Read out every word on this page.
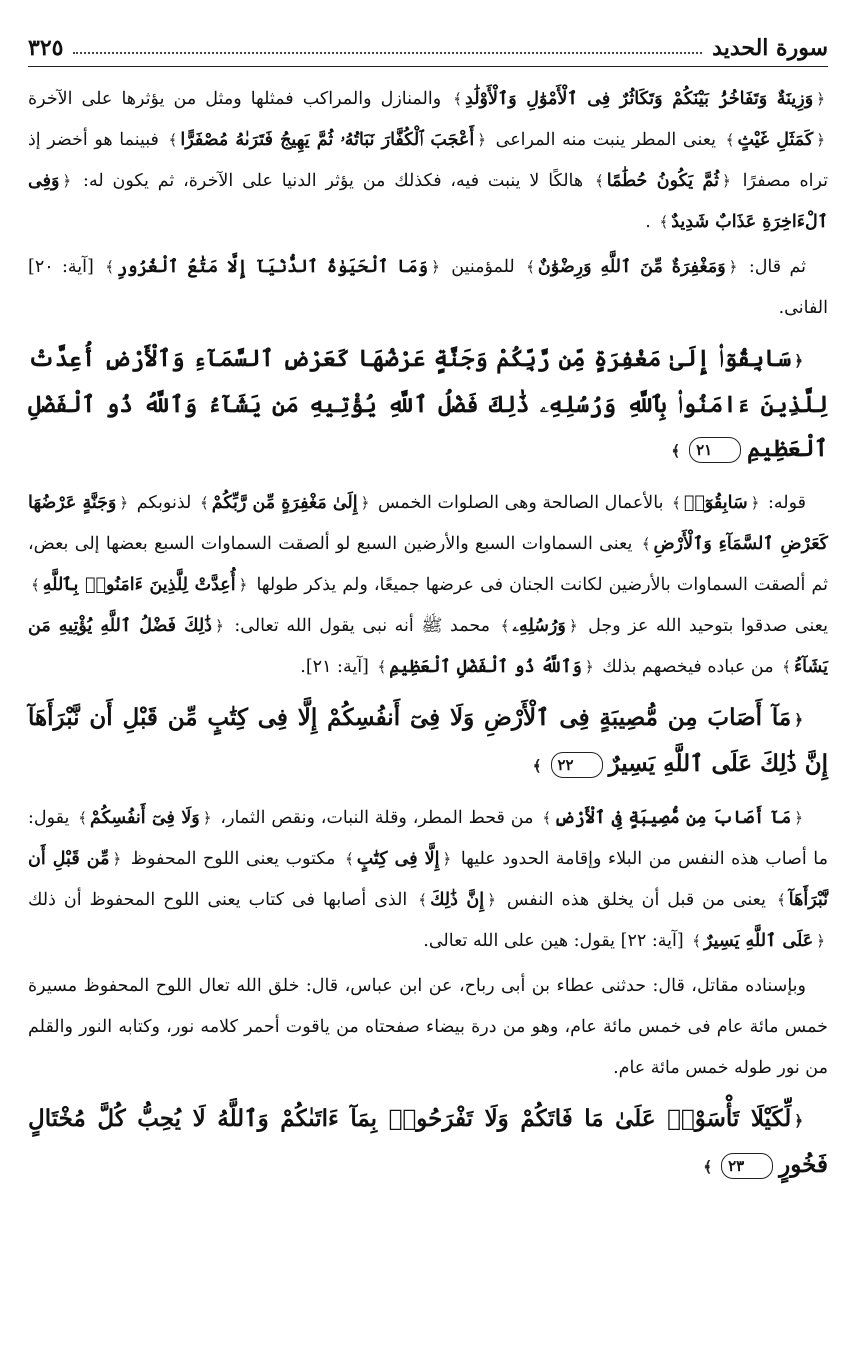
سورة الحديد
٣٢٥

﴿وَزِينَةٌ وَتَفَاخُرُۢ بَيْنَكُمْ وَتَكَاثُرٌ فِى ٱلْأَمْوَٰلِ وَٱلْأَوْلَٰدِ﴾ والمنازل والمراكب فمثلها ومثل من يؤثرها على الآخرة ﴿كَمَثَلِ غَيْثٍ﴾ يعنى المطر ينبت منه المراعى ﴿أَعْجَبَ ٱلْكُفَّارَ نَبَاتُهُۥ ثُمَّ يَهِيجُ فَتَرَىٰهُ مُصْفَرًّا﴾ فبينما هو أخضر إذ تراه مصفرًا ﴿ثُمَّ يَكُونُ حُطَٰمًا﴾ هالكًا لا ينبت فيه، فكذلك من يؤثر الدنيا على الآخرة، ثم يكون له: ﴿وَفِى ٱلْءَاخِرَةِ عَذَابٌ شَدِيدٌ﴾ .

ثم قال: ﴿وَمَغْفِرَةٌ مِّنَ ٱللَّهِ وَرِضْوَٰنٌ﴾ للمؤمنين ﴿وَمَا ٱلْحَيَوٰةُ ٱلدُّنْيَآ إِلَّا مَتَٰعُ ٱلْغُرُورِ﴾ [آية: ٢٠] الفانى.

﴿سَابِقُوٓا۟ إِلَىٰ مَغْفِرَةٍ مِّن رَّبِّكُمْ وَجَنَّةٍ عَرْضُهَا كَعَرْضِ ٱلسَّمَآءِ وَٱلْأَرْضِ أُعِدَّتْ لِلَّذِينَ ءَامَنُوا۟ بِٱللَّهِ وَرُسُلِهِۦ ذَٰلِكَ فَضْلُ ٱللَّهِ يُؤْتِيهِ مَن يَشَآءُ وَٱللَّهُ ذُو ٱلْفَضْلِ ٱلْعَظِيمِ٢١﴾

قوله: ﴿سَابِقُوٓا۟﴾ بالأعمال الصالحة وهى الصلوات الخمس ﴿إِلَىٰ مَغْفِرَةٍ مِّن رَّبِّكُمْ﴾ لذنوبكم ﴿وَجَنَّةٍ عَرْضُهَا كَعَرْضِ ٱلسَّمَآءِ وَٱلْأَرْضِ﴾ يعنى السماوات السبع والأرضين السبع لو ألصقت السماوات السبع بعضها إلى بعض، ثم ألصقت السماوات بالأرضين لكانت الجنان فى عرضها جميعًا، ولم يذكر طولها ﴿أُعِدَّتْ لِلَّذِينَ ءَامَنُوا۟ بِٱللَّهِ﴾ يعنى صدقوا بتوحيد الله عز وجل ﴿وَرُسُلِهِۦ﴾ محمد ﷺ أنه نبى يقول الله تعالى: ﴿ذَٰلِكَ فَضْلُ ٱللَّهِ يُؤْتِيهِ مَن يَشَآءُ﴾ من عباده فيخصهم بذلك ﴿وَٱللَّهُ ذُو ٱلْفَضْلِ ٱلْعَظِيمِ﴾ [آية: ٢١].

﴿مَآ أَصَابَ مِن مُّصِيبَةٍ فِى ٱلْأَرْضِ وَلَا فِىٓ أَنفُسِكُمْ إِلَّا فِى كِتَٰبٍ مِّن قَبْلِ أَن نَّبْرَأَهَآ إِنَّ ذَٰلِكَ عَلَى ٱللَّهِ يَسِيرٌ٢٢﴾

﴿مَآ أَصَابَ مِن مُّصِيبَةٍ فِى ٱلْأَرْضِ﴾ من قحط المطر، وقلة النبات، ونقص الثمار، ﴿وَلَا فِىٓ أَنفُسِكُمْ﴾ يقول: ما أصاب هذه النفس من البلاء وإقامة الحدود عليها ﴿إِلَّا فِى كِتَٰبٍ﴾ مكتوب يعنى اللوح المحفوظ ﴿مِّن قَبْلِ أَن نَّبْرَأَهَآ﴾ يعنى من قبل أن يخلق هذه النفس ﴿إِنَّ ذَٰلِكَ﴾ الذى أصابها فى كتاب يعنى اللوح المحفوظ أن ذلك ﴿عَلَى ٱللَّهِ يَسِيرٌ﴾ [آية: ٢٢] يقول: هين على الله تعالى.

وبإسناده مقاتل، قال: حدثنى عطاء بن أبى رباح، عن ابن عباس، قال: خلق الله تعال اللوح المحفوظ مسيرة خمس مائة عام فى خمس مائة عام، وهو من درة بيضاء صفحتاه من ياقوت أحمر كلامه نور، وكتابه النور والقلم من نور طوله خمس مائة عام.

﴿لِّكَيْلَا تَأْسَوْا۟ عَلَىٰ مَا فَاتَكُمْ وَلَا تَفْرَحُوا۟ بِمَآ ءَاتَىٰكُمْ وَٱللَّهُ لَا يُحِبُّ كُلَّ مُخْتَالٍ فَخُورٍ٢٣﴾
